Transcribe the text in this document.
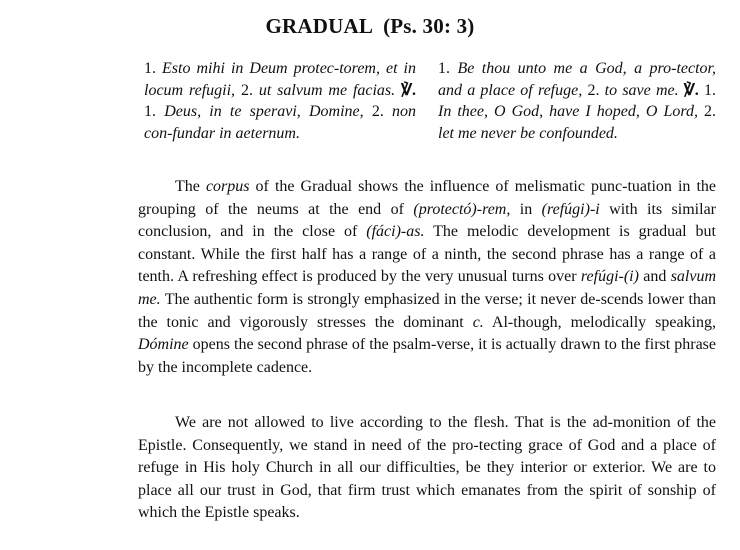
GRADUAL (Ps. 30: 3)
1. Esto mihi in Deum protec-torem, et in locum refugii, 2. ut salvum me facias. ℣. 1. Deus, in te speravi, Domine, 2. non con-fundar in aeternum.
1. Be thou unto me a God, a pro-tector, and a place of refuge, 2. to save me. ℣. 1. In thee, O God, have I hoped, O Lord, 2. let me never be confounded.

The corpus of the Gradual shows the influence of melismatic punc-tuation in the grouping of the neums at the end of (protectó)-rem, in (refúgi)-i with its similar conclusion, and in the close of (fáci)-as. The melodic development is gradual but constant. While the first half has a range of a ninth, the second phrase has a range of a tenth. A refreshing effect is produced by the very unusual turns over refúgi-(i) and salvum me. The authentic form is strongly emphasized in the verse; it never de-scends lower than the tonic and vigorously stresses the dominant c. Al-though, melodically speaking, Dómine opens the second phrase of the psalm-verse, it is actually drawn to the first phrase by the incomplete cadence.

We are not allowed to live according to the flesh. That is the ad-monition of the Epistle. Consequently, we stand in need of the pro-tecting grace of God and a place of refuge in His holy Church in all our difficulties, be they interior or exterior. We are to place all our trust in God, that firm trust which emanates from the spirit of sonship of which the Epistle speaks.
